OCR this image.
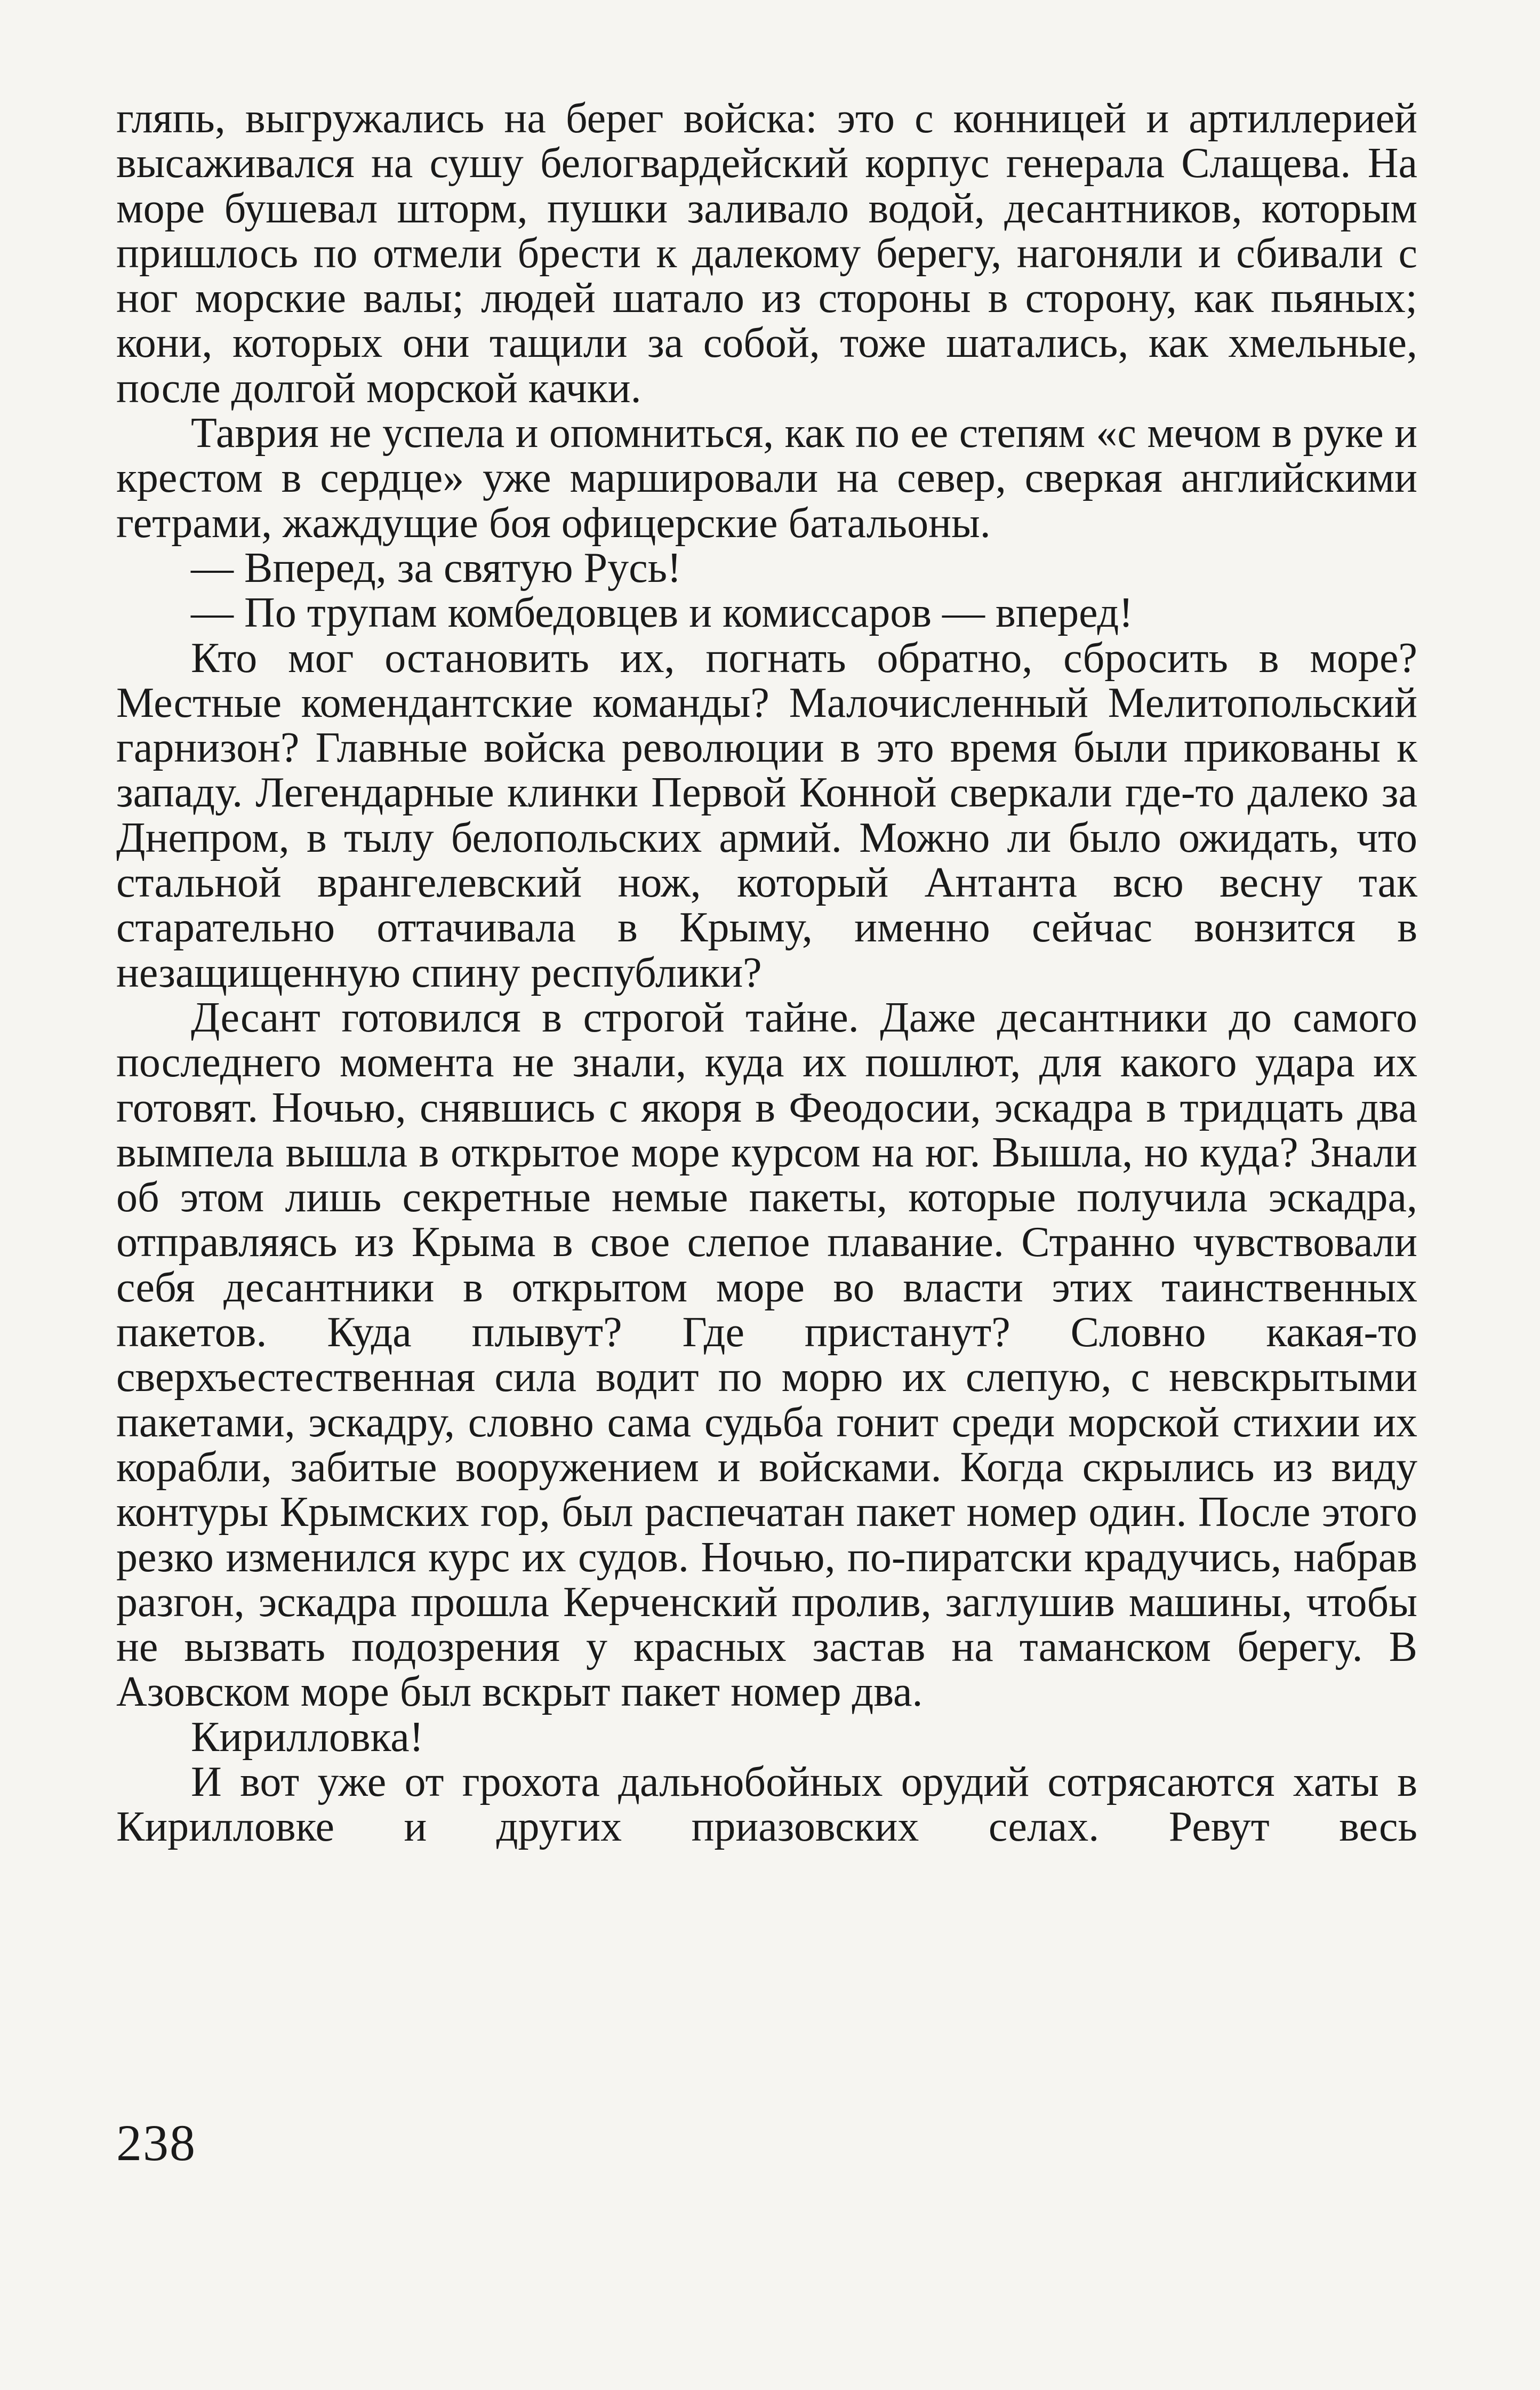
гляпь, выгружались на берег войска: это с конницей и артиллерией высаживался на сушу белогвардейский корпус генерала Слащева. На море бушевал шторм, пушки заливало водой, десантников, которым пришлось по отмели брести к далекому берегу, нагоняли и сбивали с ног морские валы; людей шатало из стороны в сторону, как пьяных; кони, которых они тащили за собой, тоже шатались, как хмельные, после долгой морской качки.

Таврия не успела и опомниться, как по ее степям «с мечом в руке и крестом в сердце» уже маршировали на север, сверкая английскими гетрами, жаждущие боя офицерские батальоны.

— Вперед, за святую Русь!

— По трупам комбедовцев и комиссаров — вперед!

Кто мог остановить их, погнать обратно, сбросить в море? Местные комендантские команды? Малочисленный Мелитопольский гарнизон? Главные войска революции в это время были прикованы к западу. Легендарные клинки Первой Конной сверкали где-то далеко за Днепром, в тылу белопольских армий. Можно ли было ожидать, что стальной врангелевский нож, который Антанта всю весну так старательно оттачивала в Крыму, именно сейчас вонзится в незащищенную спину республики?

Десант готовился в строгой тайне. Даже десантники до самого последнего момента не знали, куда их пошлют, для какого удара их готовят. Ночью, снявшись с якоря в Феодосии, эскадра в тридцать два вымпела вышла в открытое море курсом на юг. Вышла, но куда? Знали об этом лишь секретные немые пакеты, которые получила эскадра, отправляясь из Крыма в свое слепое плавание. Странно чувствовали себя десантники в открытом море во власти этих таинственных пакетов. Куда плывут? Где пристанут? Словно какая-то сверхъестественная сила водит по морю их слепую, с невскрытыми пакетами, эскадру, словно сама судьба гонит среди морской стихии их корабли, забитые вооружением и войсками. Когда скрылись из виду контуры Крымских гор, был распечатан пакет номер один. После этого резко изменился курс их судов. Ночью, по-пиратски крадучись, набрав разгон, эскадра прошла Керченский пролив, заглушив машины, чтобы не вызвать подозрения у красных застав на таманском берегу. В Азовском море был вскрыт пакет номер два.

Кирилловка!

И вот уже от грохота дальнобойных орудий сотрясаются хаты в Кирилловке и других приазовских селах. Ревут весь

238
